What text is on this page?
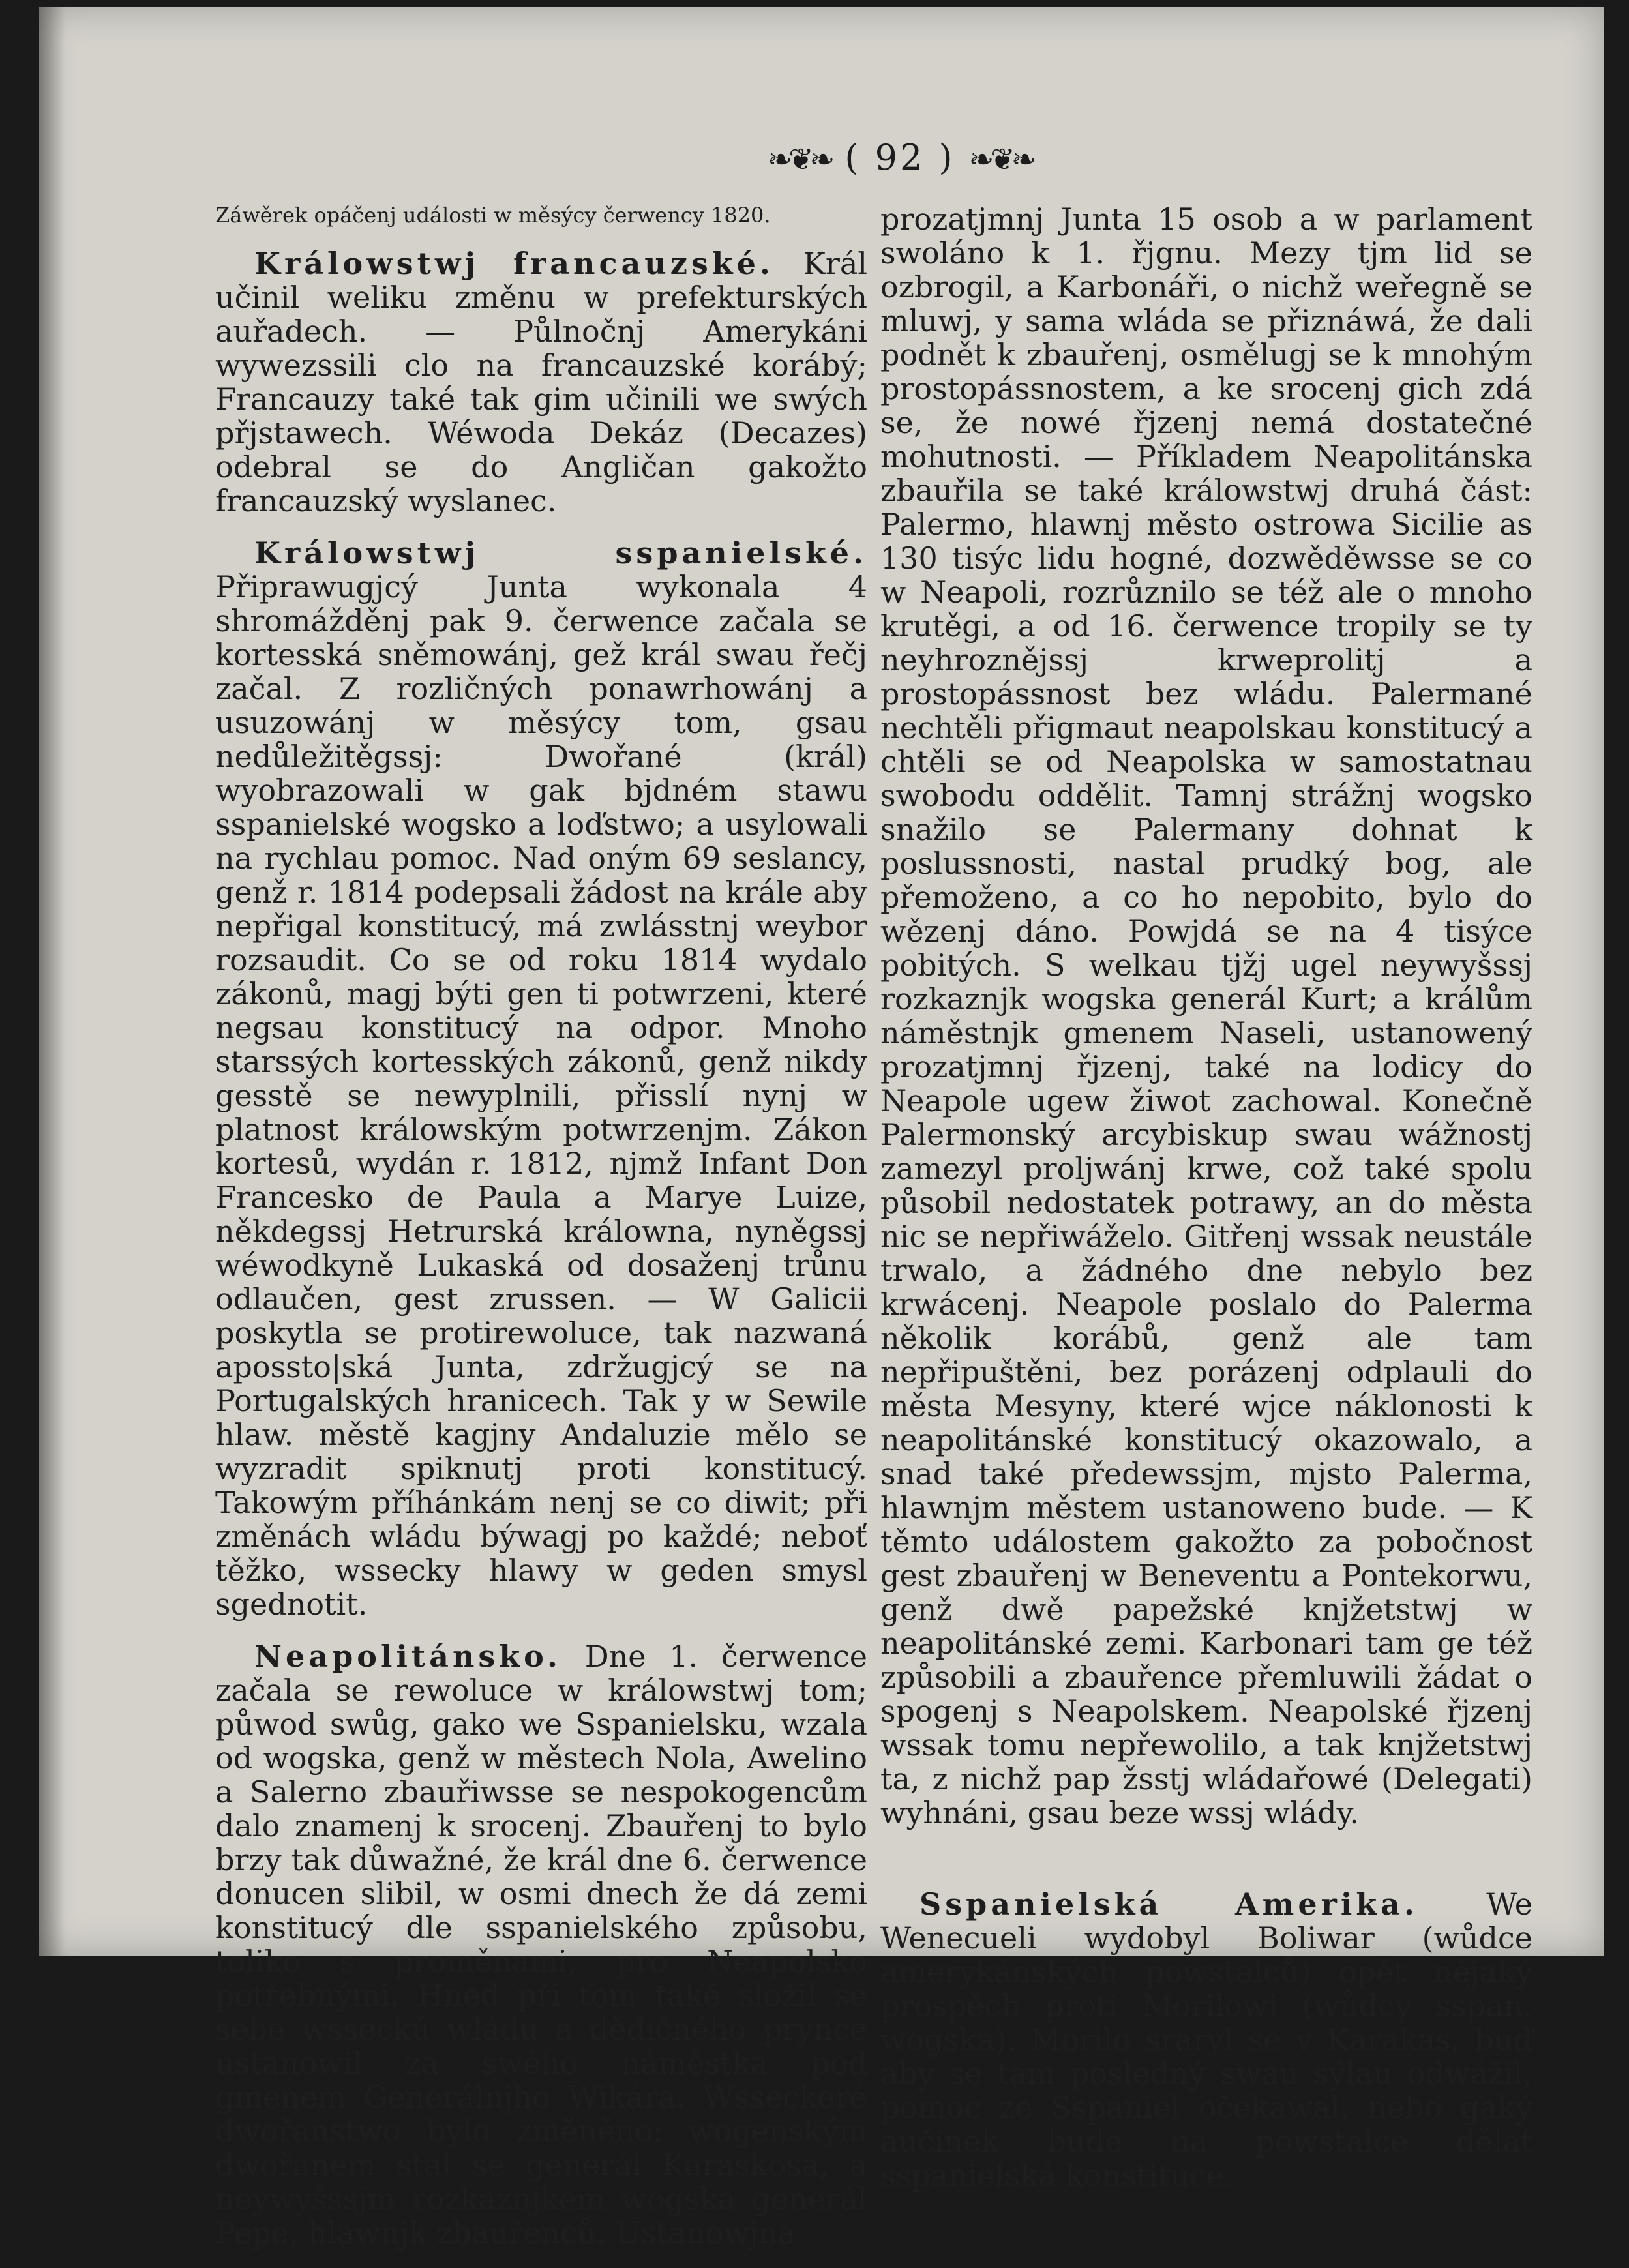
❧❦❧ ( 92 ) ❧❦❧

Záwěrek opáčenj události w měsýcy čerwency 1820.

Králowstwj francauzské. Král učinil weliku změnu w prefekturských auřadech. — Půlnočnj Amerykáni wywezssili clo na francauzské korábý; Francauzy také tak gim učinili we swých přjstawech. Wéwoda Dekáz (Decazes) odebral se do Angličan gakožto francauzský wyslanec.

Králowstwj sspanielské. Připrawugjcý Junta wykonala 4 shromážděnj pak 9. čerwence začala se kortesská sněmowánj, gež král swau řečj začal. Z rozličných ponawrhowánj a usuzowánj w měsýcy tom, gsau nedůležitěgssj: Dwořané (král) wyobrazowali w gak bjdném stawu sspanielské wogsko a loďstwo; a usylowali na rychlau pomoc. Nad oným 69 seslancy, genž r. 1814 podepsali žádost na krále aby nepřigal konstitucý, má zwlásstnj weybor rozsaudit. Co se od roku 1814 wydalo zákonů, magj býti gen ti potwrzeni, které negsau konstitucý na odpor. Mnoho starssých kortesských zákonů, genž nikdy gesstě se newyplnili, přisslí nynj w platnost králowským potwrzenjm. Zákon kortesů, wydán r. 1812, njmž Infant Don Francesko de Paula a Marye Luize, někdegssj Hetrurská králowna, nyněgssj wéwodkyně Lukaská od dosaženj trůnu odlaučen, gest zrussen. — W Galicii poskytla se protirewoluce, tak nazwaná apossto|ská Junta, zdržugjcý se na Portugalských hranicech. Tak y w Sewile hlaw. městě kagjny Andaluzie mělo se wyzradit spiknutj proti konstitucý. Takowým příhánkám nenj se co diwit; při změnách wládu býwagj po každé; neboť těžko, wssecky hlawy w geden smysl sgednotit.

Neapolitánsko. Dne 1. čerwence začala se rewoluce w králowstwj tom; půwod swůg, gako we Sspanielsku, wzala od wogska, genž w městech Nola, Awelino a Salerno zbauřiwsse se nespokogencům dalo znamenj k srocenj. Zbauřenj to bylo brzy tak důwažné, že král dne 6. čerwence donucen slibil, w osmi dnech že dá zemi konstitucý dle sspanielského způsobu, toliko s proměnami, pro Neapolsko potřebnými. Hned při tom také složil se sebe wsseckú wládu a dědičného prynce ustanowil za swého náměstka pod gmenem Generálnjho Wikára. Wsseckeré dwořanstwo bylo změněno: wogenským dwořanem stal se generál Karaskosa, a neywyšssjm rozkaznjkem wogska generál Pepe, hlawnjk zbauřenců. Ustanowjna

prozatjmnj Junta 15 osob a w parlament swoláno k 1. řjgnu. Mezy tjm lid se ozbrogil, a Karbonáři, o nichž weřegně se mluwj, y sama wláda se přiznáwá, že dali podnět k zbauřenj, osmělugj se k mnohým prostopássnostem, a ke srocenj gich zdá se, že nowé řjzenj nemá dostatečné mohutnosti. — Příkladem Neapolitánska zbauřila se také králowstwj druhá část: Palermo, hlawnj město ostrowa Sicilie as 130 tisýc lidu hogné, dozwěděwsse se co w Neapoli, rozrůznilo se též ale o mnoho krutěgi, a od 16. čerwence tropily se ty neyhroznějssj krweprolitj a prostopássnost bez wládu. Palermané nechtěli přigmaut neapolskau konstitucý a chtěli se od Neapolska w samostatnau swobodu oddělit. Tamnj strážnj wogsko snažilo se Palermany dohnat k poslussnosti, nastal prudký bog, ale přemoženo, a co ho nepobito, bylo do wězenj dáno. Powjdá se na 4 tisýce pobitých. S welkau tjžj ugel neywyšssj rozkaznjk wogska generál Kurt; a králům náměstnjk gmenem Naseli, ustanowený prozatjmnj řjzenj, také na lodicy do Neapole ugew žiwot zachowal. Konečně Palermonský arcybiskup swau wážnostj zamezyl proljwánj krwe, což také spolu působil nedostatek potrawy, an do města nic se nepřiwáželo. Gitřenj wssak neustále trwalo, a žádného dne nebylo bez krwácenj. Neapole poslalo do Palerma několik korábů, genž ale tam nepřipuštěni, bez porázenj odplauli do města Mesyny, které wjce náklonosti k neapolitánské konstitucý okazowalo, a snad také předewssjm, mjsto Palerma, hlawnjm městem ustanoweno bude. — K těmto událostem gakožto za pobočnost gest zbauřenj w Beneventu a Pontekorwu, genž dwě papežské knjžetstwj w neapolitánské zemi. Karbonari tam ge též způsobili a zbauřence přemluwili žádat o spogenj s Neapolskem. Neapolské řjzenj wssak tomu nepřewolilo, a tak knjžetstwj ta, z nichž pap žsstj wládařowé (Delegati) wyhnáni, gsau beze wssj wlády.

Sspanielská Amerika. We Wenecueli wydobyl Boliwar (wůdce amerykánských powstalců) opět nějaký prospěch proti Morilowi (wůdcy sspan. wogska). Morilo sraryl se v Karakas, buď aby se tam posledný swau sýlau odwážil, pomoc ze Sspaniel očekáwal, nebo gaký aučinek bude na powstalce dělat sspanielská konstituce.
